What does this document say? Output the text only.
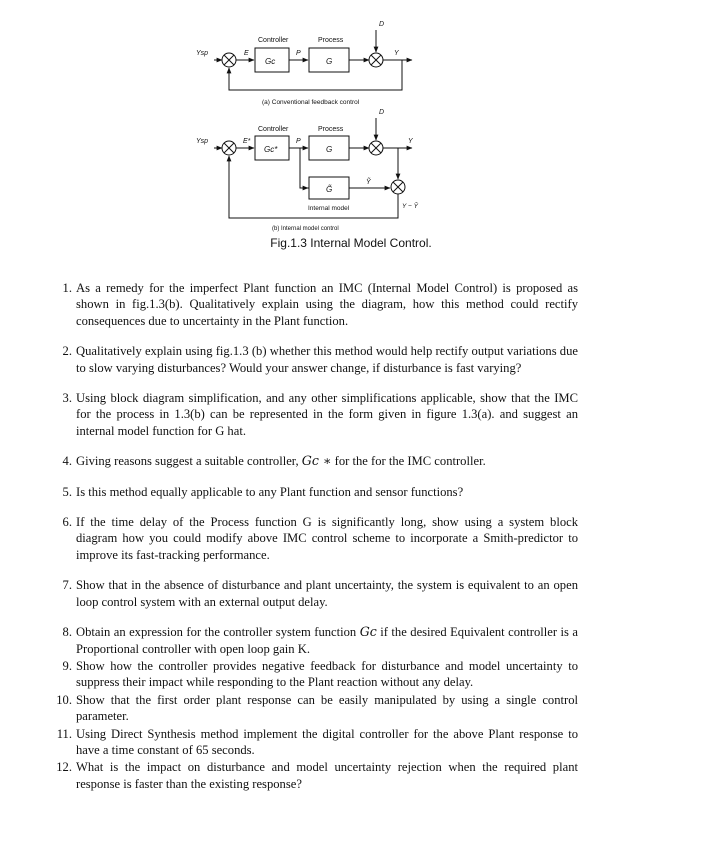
Controller	Process
Gc	G
Ysp	E	P
D
Y
(a) Conventional feedback control
Controller	Process
Gc*	G
G̃
Internal model
Ysp	E*	P
D
Y
Ỹ
Y − Ỹ
(b) Internal model control
Fig.1.3 Internal Model Control.
1. As a remedy for the imperfect Plant function an IMC (Internal Model Control) is proposed as shown in fig.1.3(b). Qualitatively explain using the diagram, how this method could rectify consequences due to uncertainty in the Plant function.
2. Qualitatively explain using fig.1.3 (b) whether this method would help rectify output variations due to slow varying disturbances? Would your answer change, if disturbance is fast varying?
3. Using block diagram simplification, and any other simplifications applicable, show that the IMC for the process in 1.3(b) can be represented in the form given in figure 1.3(a). and suggest an internal model function for G hat.
4. Giving reasons suggest a suitable controller, Gc ∗ for the for the IMC controller.
5. Is this method equally applicable to any Plant function and sensor functions?
6. If the time delay of the Process function G is significantly long, show using a system block diagram how you could modify above IMC control scheme to incorporate a Smith-predictor to improve its fast-tracking performance.
7. Show that in the absence of disturbance and plant uncertainty, the system is equivalent to an open loop control system with an external output delay.
8. Obtain an expression for the controller system function Gc if the desired Equivalent controller is a Proportional controller with open loop gain K.
9. Show how the controller provides negative feedback for disturbance and model uncertainty to suppress their impact while responding to the Plant reaction without any delay.
10. Show that the first order plant response can be easily manipulated by using a single control parameter.
11. Using Direct Synthesis method implement the digital controller for the above Plant response to have a time constant of 65 seconds.
12. What is the impact on disturbance and model uncertainty rejection when the required plant response is faster than the existing response?
